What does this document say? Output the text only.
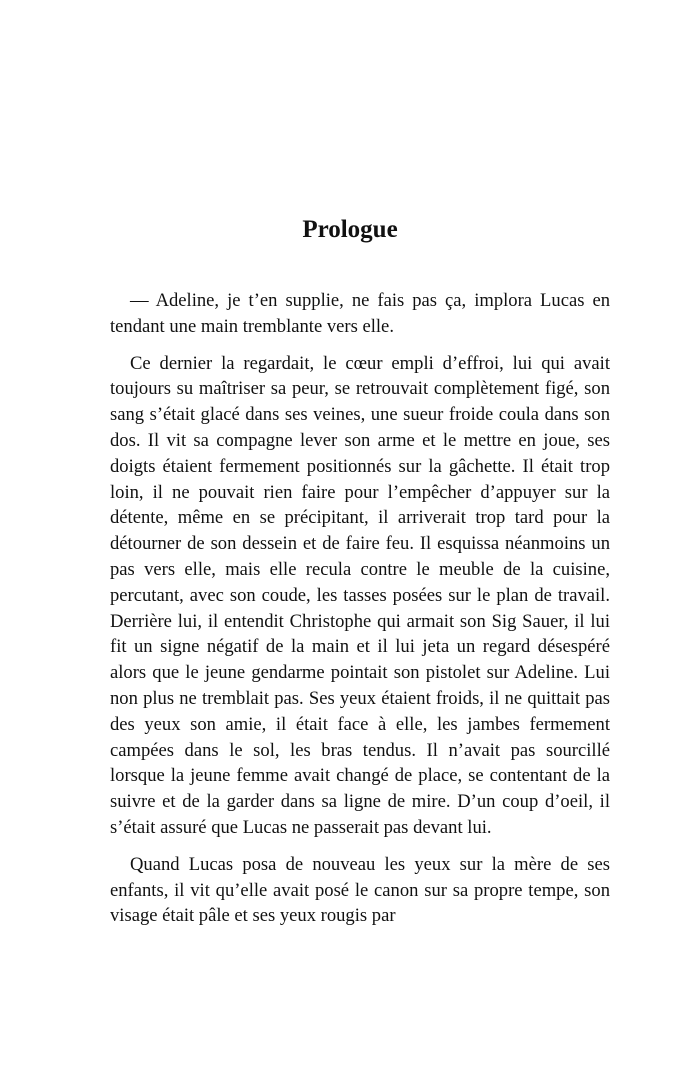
Prologue

— Adeline, je t’en supplie, ne fais pas ça, implora Lucas en tendant une main tremblante vers elle.

Ce dernier la regardait, le cœur empli d’effroi, lui qui avait toujours su maîtriser sa peur, se retrouvait complètement figé, son sang s’était glacé dans ses veines, une sueur froide coula dans son dos. Il vit sa compagne lever son arme et le mettre en joue, ses doigts étaient fermement positionnés sur la gâchette. Il était trop loin, il ne pouvait rien faire pour l’empêcher d’appuyer sur la détente, même en se précipitant, il arriverait trop tard pour la détourner de son dessein et de faire feu. Il esquissa néanmoins un pas vers elle, mais elle recula contre le meuble de la cuisine, percutant, avec son coude, les tasses posées sur le plan de travail. Derrière lui, il entendit Christophe qui armait son Sig Sauer, il lui fit un signe négatif de la main et il lui jeta un regard désespéré alors que le jeune gendarme pointait son pistolet sur Adeline. Lui non plus ne tremblait pas. Ses yeux étaient froids, il ne quittait pas des yeux son amie, il était face à elle, les jambes fermement campées dans le sol, les bras tendus. Il n’avait pas sourcillé lorsque la jeune femme avait changé de place, se contentant de la suivre et de la garder dans sa ligne de mire. D’un coup d’oeil, il s’était assuré que Lucas ne passerait pas devant lui.

Quand Lucas posa de nouveau les yeux sur la mère de ses enfants, il vit qu’elle avait posé le canon sur sa propre tempe, son visage était pâle et ses yeux rougis par
